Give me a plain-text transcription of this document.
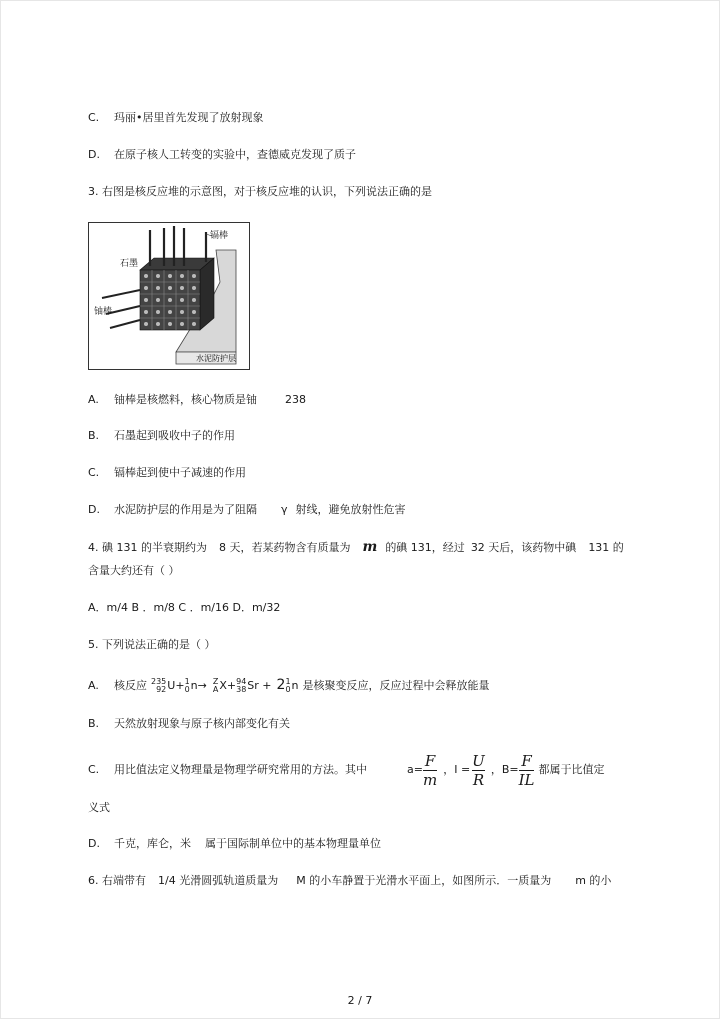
C. 玛丽•居里首先发现了放射现象
D. 在原子核人工转变的实验中，查德威克发现了质子
3. 右图是核反应堆的示意图，对于核反应堆的认识，下列说法正确的是
镉棒
石墨
铀棒
水泥防护层
A. 铀棒是核燃料，核心物质是铀	238
B. 石墨起到吸收中子的作用
C. 镉棒起到使中子减速的作用
D. 水泥防护层的作用是为了阻隔 γ 射线，避免放射性危害
4. 碘 131 的半衰期约为 8 天，若某药物含有质量为 m 的碘 131，经过 32 天后，该药物中碘 131 的
含量大约还有（ ）
A．m/4 B ．m/8 C ．m/16 D．m/32
5. 下列说法正确的是（ ）
A. 核反应 235
92 U+ 1
0 n→ Z
A X+ 94
38 Sr + 2 1
0 n 是核聚变反应，反应过程中会释放能量
B. 天然放射现象与原子核内部变化有关
C. 用比值法定义物理量是物理学研究常用的方法。其中	$a= \frac{F}{m}$ ，$I = \frac{U}{R}$ ，$B= \frac{F}{IL}$ 都属于比值定
义式
D. 千克，库仑，米 属于国际制单位中的基本物理量单位
6. 右端带有 1/4 光滑圆弧轨道质量为 M 的小车静置于光滑水平面上，如图所示．一质量为 m 的小
2 / 7
